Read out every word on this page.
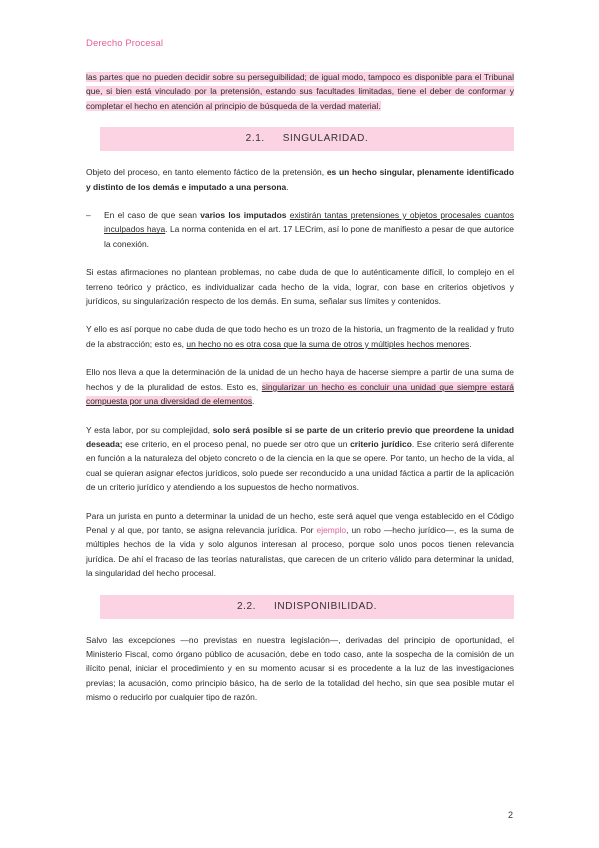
Derecho Procesal

las partes que no pueden decidir sobre su perseguibilidad; de igual modo, tampoco es disponible para el Tribunal que, si bien está vinculado por la pretensión, estando sus facultades limitadas, tiene el deber de conformar y completar el hecho en atención al principio de búsqueda de la verdad material.

2.1. SINGULARIDAD.

Objeto del proceso, en tanto elemento fáctico de la pretensión, es un hecho singular, plenamente identificado y distinto de los demás e imputado a una persona.

– En el caso de que sean varios los imputados existirán tantas pretensiones y objetos procesales cuantos inculpados haya. La norma contenida en el art. 17 LECrim, así lo pone de manifiesto a pesar de que autorice la conexión.

Si estas afirmaciones no plantean problemas, no cabe duda de que lo auténticamente difícil, lo complejo en el terreno teórico y práctico, es individualizar cada hecho de la vida, lograr, con base en criterios objetivos y jurídicos, su singularización respecto de los demás. En suma, señalar sus límites y contenidos.

Y ello es así porque no cabe duda de que todo hecho es un trozo de la historia, un fragmento de la realidad y fruto de la abstracción; esto es, un hecho no es otra cosa que la suma de otros y múltiples hechos menores.

Ello nos lleva a que la determinación de la unidad de un hecho haya de hacerse siempre a partir de una suma de hechos y de la pluralidad de estos. Esto es, singularizar un hecho es concluir una unidad que siempre estará compuesta por una diversidad de elementos.

Y esta labor, por su complejidad, solo será posible si se parte de un criterio previo que preordene la unidad deseada; ese criterio, en el proceso penal, no puede ser otro que un criterio jurídico. Ese criterio será diferente en función a la naturaleza del objeto concreto o de la ciencia en la que se opere. Por tanto, un hecho de la vida, al cual se quieran asignar efectos jurídicos, solo puede ser reconducido a una unidad fáctica a partir de la aplicación de un criterio jurídico y atendiendo a los supuestos de hecho normativos.

Para un jurista en punto a determinar la unidad de un hecho, este será aquel que venga establecido en el Código Penal y al que, por tanto, se asigna relevancia jurídica. Por ejemplo, un robo —hecho jurídico—, es la suma de múltiples hechos de la vida y solo algunos interesan al proceso, porque solo unos pocos tienen relevancia jurídica. De ahí el fracaso de las teorías naturalistas, que carecen de un criterio válido para determinar la unidad, la singularidad del hecho procesal.

2.2. INDISPONIBILIDAD.

Salvo las excepciones —no previstas en nuestra legislación—, derivadas del principio de oportunidad, el Ministerio Fiscal, como órgano público de acusación, debe en todo caso, ante la sospecha de la comisión de un ilícito penal, iniciar el procedimiento y en su momento acusar si es procedente a la luz de las investigaciones previas; la acusación, como principio básico, ha de serlo de la totalidad del hecho, sin que sea posible mutar el mismo o reducirlo por cualquier tipo de razón.

2
